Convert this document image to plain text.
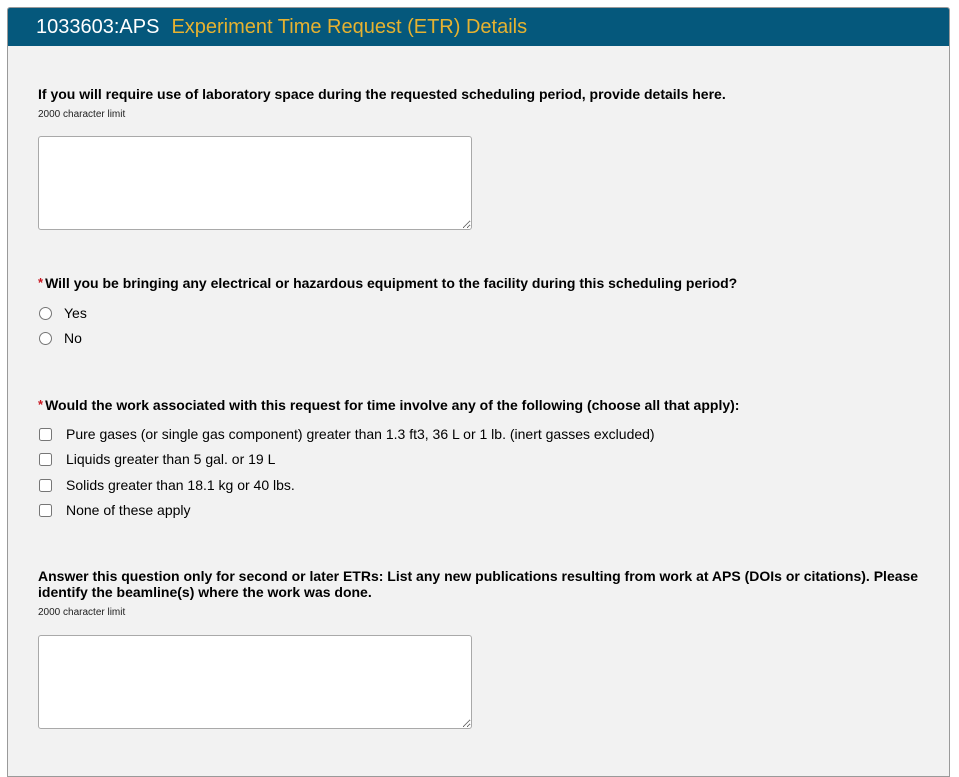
1033603:APS Experiment Time Request (ETR) Details
If you will require use of laboratory space during the requested scheduling period, provide details here.
2000 character limit
* Will you be bringing any electrical or hazardous equipment to the facility during this scheduling period?
Yes
No
* Would the work associated with this request for time involve any of the following (choose all that apply):
Pure gases (or single gas component) greater than 1.3 ft3, 36 L or 1 lb. (inert gasses excluded)
Liquids greater than 5 gal. or 19 L
Solids greater than 18.1 kg or 40 lbs.
None of these apply
Answer this question only for second or later ETRs: List any new publications resulting from work at APS (DOIs or citations). Please identify the beamline(s) where the work was done.
2000 character limit
